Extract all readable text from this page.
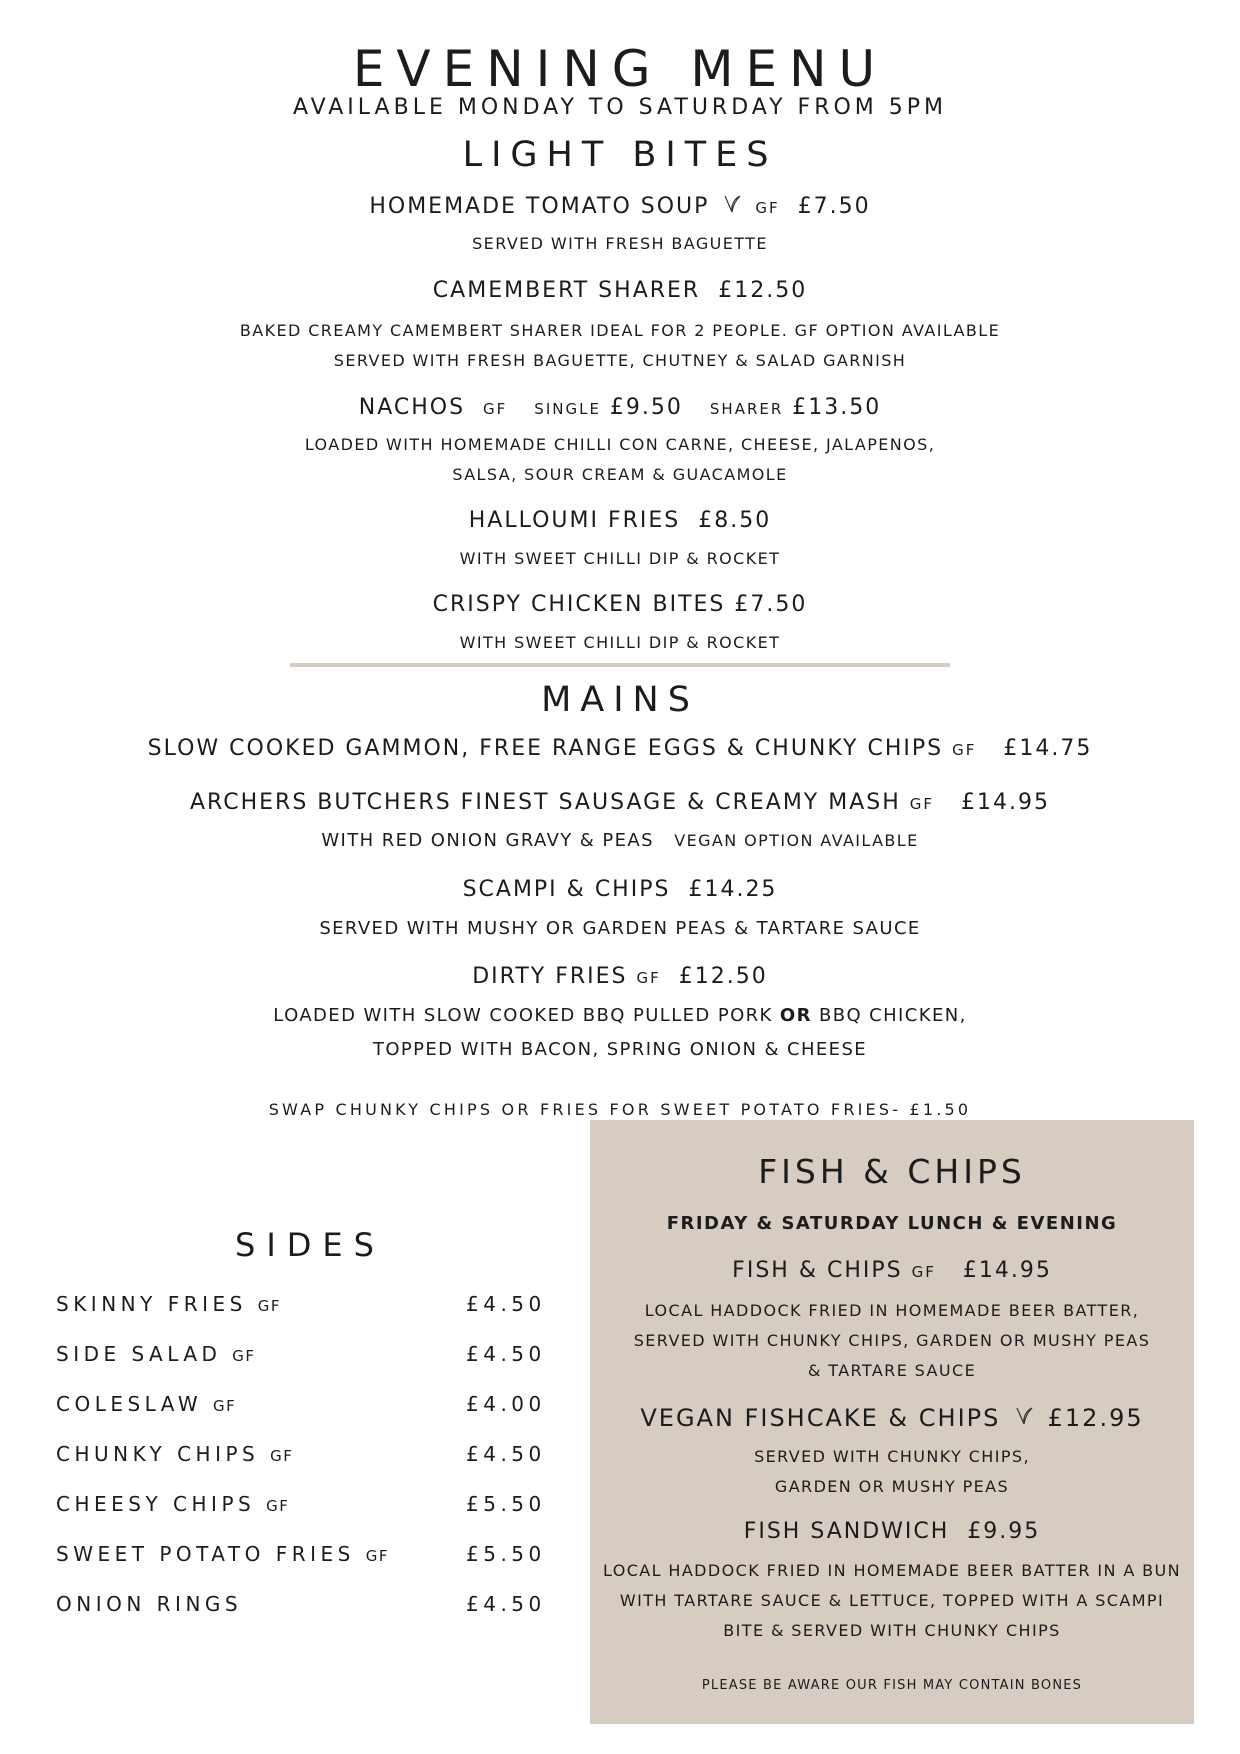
EVENING MENU
AVAILABLE MONDAY TO SATURDAY FROM 5PM
LIGHT BITES
HOMEMADE TOMATO SOUP	GF £7.50
SERVED WITH FRESH BAGUETTE
CAMEMBERT SHARER £12.50
BAKED CREAMY CAMEMBERT SHARER IDEAL FOR 2 PEOPLE. GF OPTION AVAILABLE
SERVED WITH FRESH BAGUETTE, CHUTNEY & SALAD GARNISH
NACHOS GF SINGLE £9.50 SHARER £13.50
LOADED WITH HOMEMADE CHILLI CON CARNE, CHEESE, JALAPENOS,
SALSA, SOUR CREAM & GUACAMOLE
HALLOUMI FRIES £8.50
WITH SWEET CHILLI DIP & ROCKET
CRISPY CHICKEN BITES £7.50
WITH SWEET CHILLI DIP & ROCKET
MAINS
SLOW COOKED GAMMON, FREE RANGE EGGS & CHUNKY CHIPS GF £14.75
ARCHERS BUTCHERS FINEST SAUSAGE & CREAMY MASH GF £14.95
WITH RED ONION GRAVY & PEAS VEGAN OPTION AVAILABLE
SCAMPI & CHIPS £14.25
SERVED WITH MUSHY OR GARDEN PEAS & TARTARE SAUCE
DIRTY FRIES GF £12.50
LOADED WITH SLOW COOKED BBQ PULLED PORK OR BBQ CHICKEN,
TOPPED WITH BACON, SPRING ONION & CHEESE
SWAP CHUNKY CHIPS OR FRIES FOR SWEET POTATO FRIES- £1.50
SIDES
SKINNY FRIES GF	£4.50
SIDE SALAD GF	£4.50
COLESLAW GF	£4.00
CHUNKY CHIPS GF	£4.50
CHEESY CHIPS GF	£5.50
SWEET POTATO FRIES GF	£5.50
ONION RINGS	£4.50
FISH & CHIPS
FRIDAY & SATURDAY LUNCH & EVENING
FISH & CHIPS GF £14.95
LOCAL HADDOCK FRIED IN HOMEMADE BEER BATTER,
SERVED WITH CHUNKY CHIPS, GARDEN OR MUSHY PEAS
& TARTARE SAUCE
VEGAN FISHCAKE & CHIPS £12.95
SERVED WITH CHUNKY CHIPS,
GARDEN OR MUSHY PEAS
FISH SANDWICH £9.95
LOCAL HADDOCK FRIED IN HOMEMADE BEER BATTER IN A BUN
WITH TARTARE SAUCE & LETTUCE, TOPPED WITH A SCAMPI
BITE & SERVED WITH CHUNKY CHIPS
PLEASE BE AWARE OUR FISH MAY CONTAIN BONES
